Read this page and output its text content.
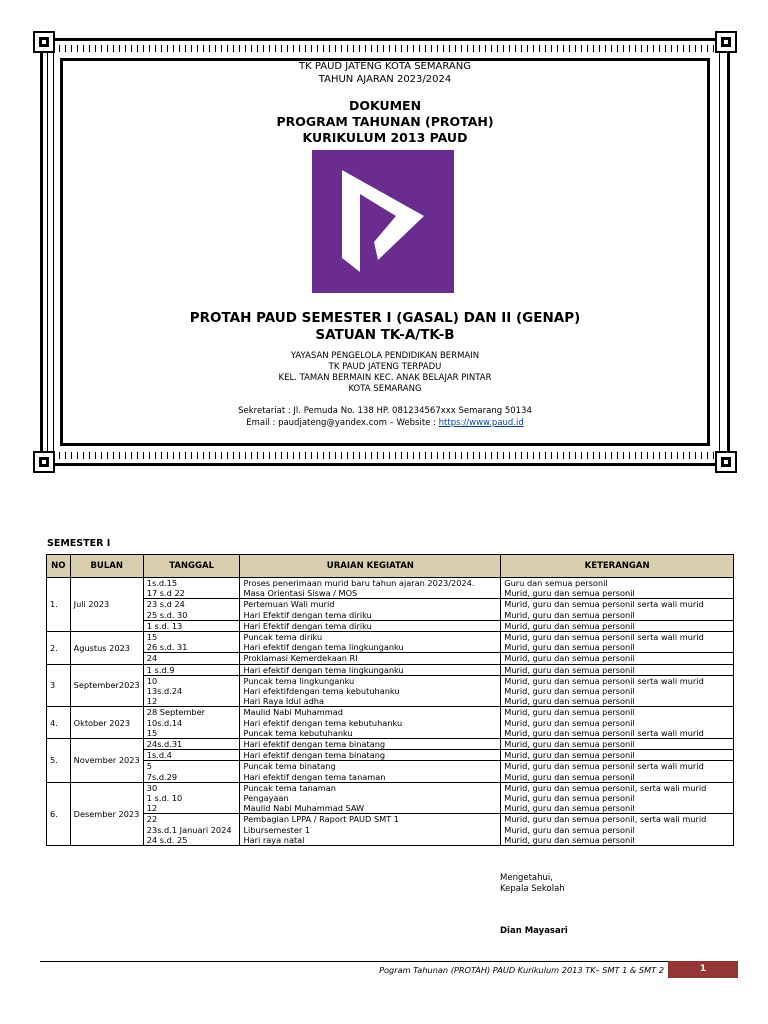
TK PAUD JATENG KOTA SEMARANG
TAHUN AJARAN 2023/2024
DOKUMEN
PROGRAM TAHUNAN (PROTAH)
KURIKULUM 2013 PAUD
PROTAH PAUD SEMESTER I (GASAL) DAN II (GENAP)
SATUAN TK-A/TK-B
YAYASAN PENGELOLA PENDIDIKAN BERMAIN
TK PAUD JATENG TERPADU
KEL. TAMAN BERMAIN KEC. ANAK BELAJAR PINTAR
KOTA SEMARANG
Sekretariat : Jl. Pemuda No. 138 HP. 081234567xxx Semarang 50134
Email : paudjateng@yandex.com – Website : https://www.paud.id
SEMESTER I
NO	BULAN	TANGGAL	URAIAN KEGIATAN	KETERANGAN
1.	Juli 2023	1s.d.15	Proses penerimaan murid baru tahun ajaran 2023/2024.	Guru dan semua personil
		17 s.d 22	Masa Orientasi Siswa / MOS	Murid, guru dan semua personil
		23 s.d 24	Pertemuan Wali murid	Murid, guru dan semua personil serta wali murid
		25 s.d. 30	Hari Efektif dengan tema diriku	Murid, guru dan semua personil
		1 s.d. 13	Hari Efektif dengan tema diriku	Murid, guru dan semua personil
2.	Agustus 2023	15	Puncak tema diriku	Murid, guru dan semua personil serta wali murid
		26 s.d. 31	Hari efektif dengan tema lingkunganku	Murid, guru dan semua personil
		24	Proklamasi Kemerdekaan RI	Murid, guru dan semua personil
3	September2023	1 s.d.9	Hari efektif dengan tema lingkunganku	Murid, guru dan semua personil
		10	Puncak tema lingkunganku	Murid, guru dan semua personil serta wali murid
		13s.d.24	Hari efektifdengan tema kebutuhanku	Murid, guru dan semua personil
		12	Hari Raya Idul adha	Murid, guru dan semua personil
4.	Oktober 2023	28 September	Maulid Nabi Muhammad	Murid, guru dan semua personil
		10s.d.14	Hari efektif dengan tema kebutuhanku	Murid, guru dan semua personil
		15	Puncak tema kebutuhanku	Murid, guru dan semua personil serta wali murid
5.	November 2023	24s.d.31	Hari efektif dengan tema binatang	Murid, guru dan semua personil
		1s.d.4	Hari efektif dengan tema binatang	Murid, guru dan semua personil
		5	Puncak tema binatang	Murid, guru dan semua personil serta wali murid
		7s.d.29	Hari efektif dengan tema tanaman	Murid, guru dan semua personil
6.	Desember 2023	30	Puncak tema tanaman	Murid, guru dan semua personil, serta wali murid
		1 s.d. 10	Pengayaan	Murid, guru dan semua personil
		12	Maulid Nabi Muhammad SAW	Murid, guru dan semua personil
		22	Pembagian LPPA / Raport PAUD SMT 1	Murid, guru dan semua personil, serta wali murid
		23s.d.1 Januari 2024	Libursemester 1	Murid, guru dan semua personil
		24 s.d. 25	Hari raya natal	Murid, guru dan semua personil
Mengetahui,
Kepala Sekolah
Dian Mayasari
Pogram Tahunan (PROTAH) PAUD Kurikulum 2013 TK– SMT 1 & SMT 2	1
